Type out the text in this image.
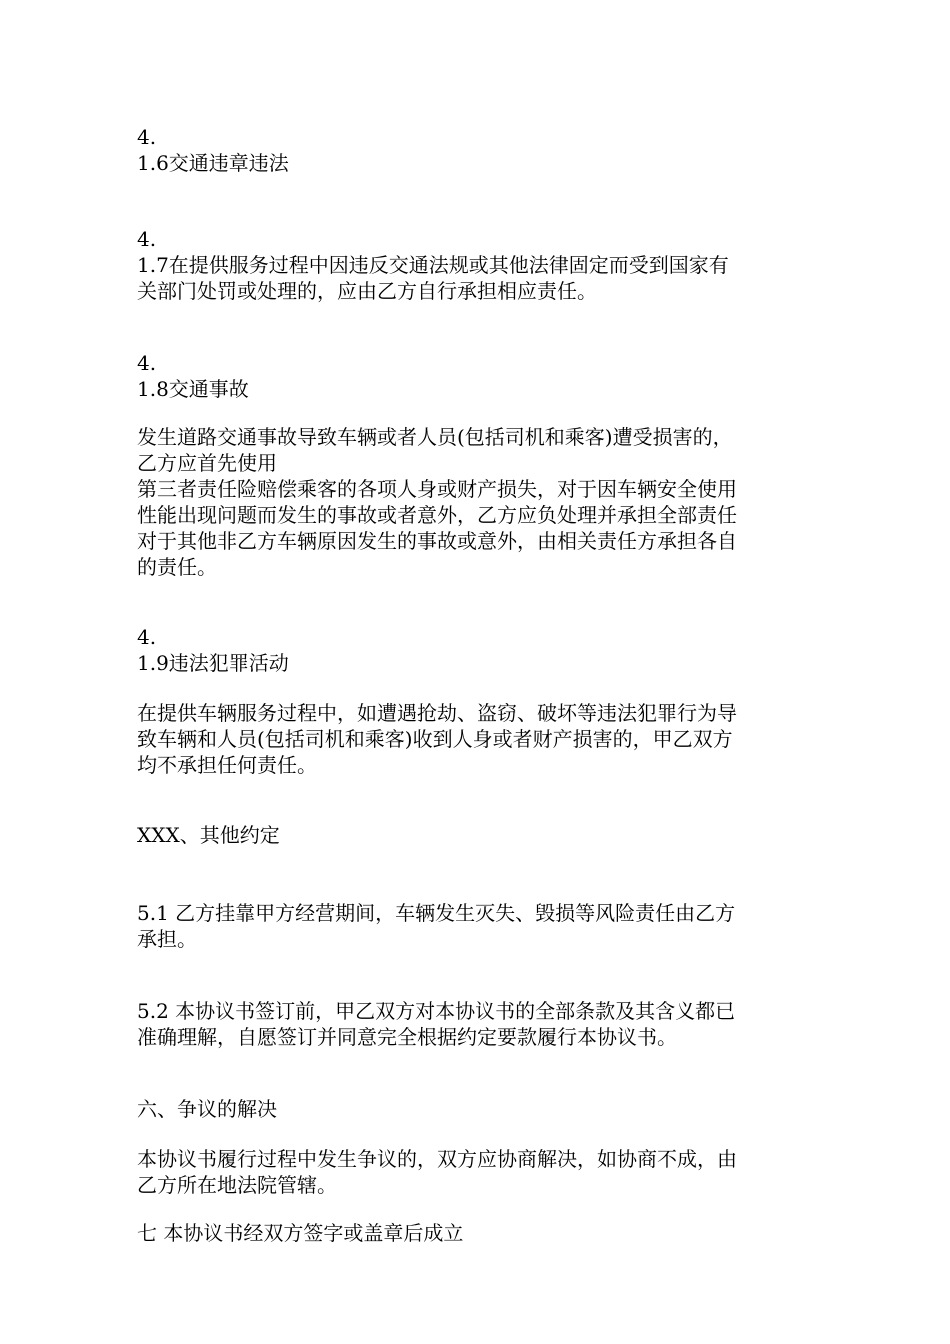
4.
1.6交通违章违法
4.
1.7在提供服务过程中因违反交通法规或其他法律固定而受到国家有
关部门处罚或处理的，应由乙方自行承担相应责任。
4.
1.8交通事故
发生道路交通事故导致车辆或者人员(包括司机和乘客)遭受损害的，
乙方应首先使用
第三者责任险赔偿乘客的各项人身或财产损失，对于因车辆安全使用
性能出现问题而发生的事故或者意外，乙方应负处理并承担全部责任
对于其他非乙方车辆原因发生的事故或意外，由相关责任方承担各自
的责任。
4.
1.9违法犯罪活动
在提供车辆服务过程中，如遭遇抢劫、盗窃、破坏等违法犯罪行为导
致车辆和人员(包括司机和乘客)收到人身或者财产损害的，甲乙双方
均不承担任何责任。
XXX、其他约定
5.1 乙方挂靠甲方经营期间，车辆发生灭失、毁损等风险责任由乙方
承担。
5.2 本协议书签订前，甲乙双方对本协议书的全部条款及其含义都已
准确理解，自愿签订并同意完全根据约定要款履行本协议书。
六、争议的解决
本协议书履行过程中发生争议的，双方应协商解决，如协商不成，由
乙方所在地法院管辖。
七 本协议书经双方签字或盖章后成立
